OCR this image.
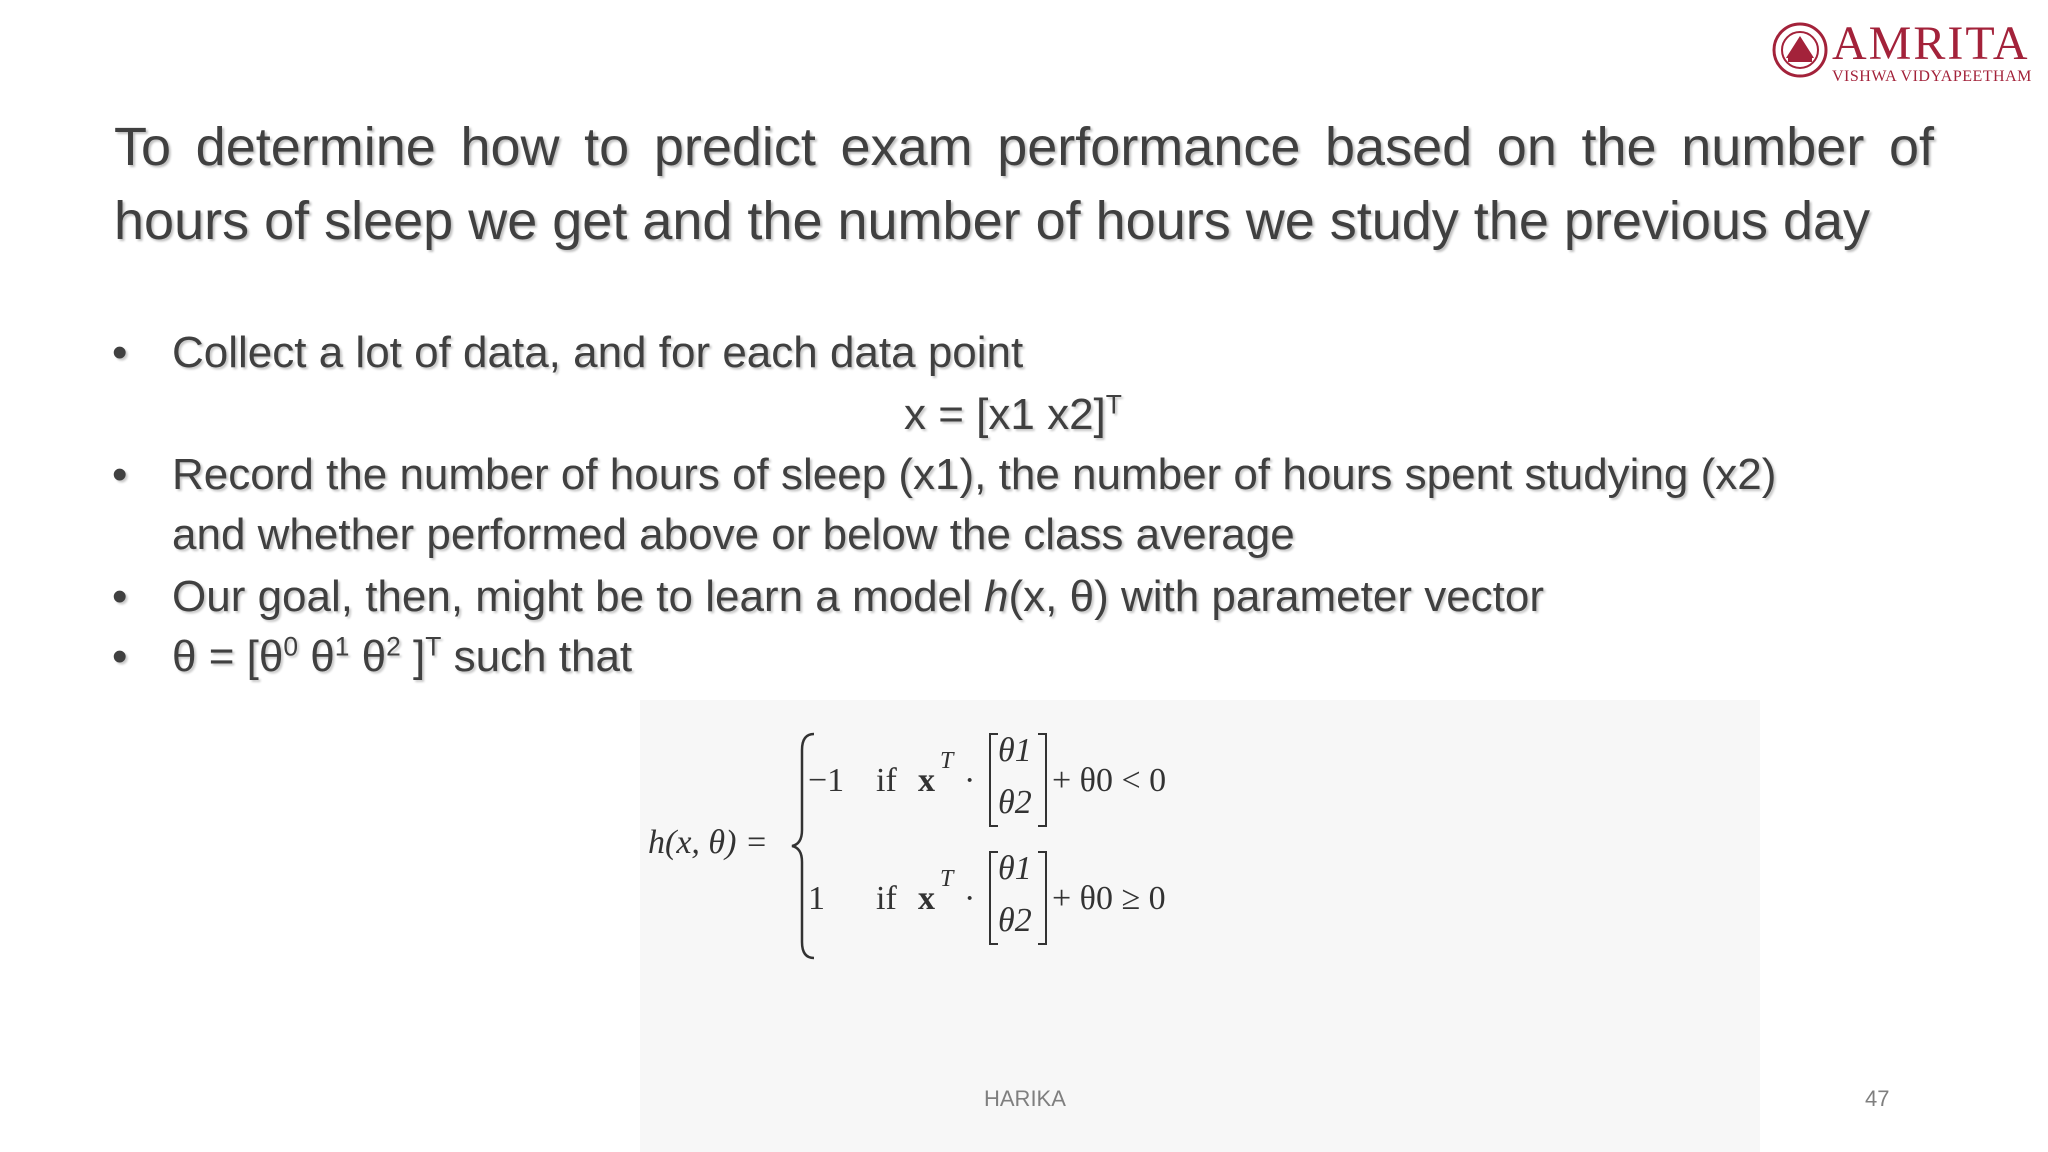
AMRITA
VISHWA VIDYAPEETHAM
To determine how to predict exam performance based on the number of hours of sleep we get and the number of hours we study the previous day
•	Collect a lot of data, and for each data point
x = [x1 x2]$^T$
•	Record the number of hours of sleep (x1), the number of hours spent studying (x2)
and whether performed above or below the class average
•	Our goal, then, might be to learn a model h(x, θ) with parameter vector
•	$\theta = [\theta^0$ $\theta^1$ $\theta^2$ ]$^T$ such that
h(x, θ) =
−1 if x
T
·
θ1
θ2
+ θ0 < 0
1 if x
T
·
θ1
θ2
+ θ0 ≥ 0
HARIKA	47
